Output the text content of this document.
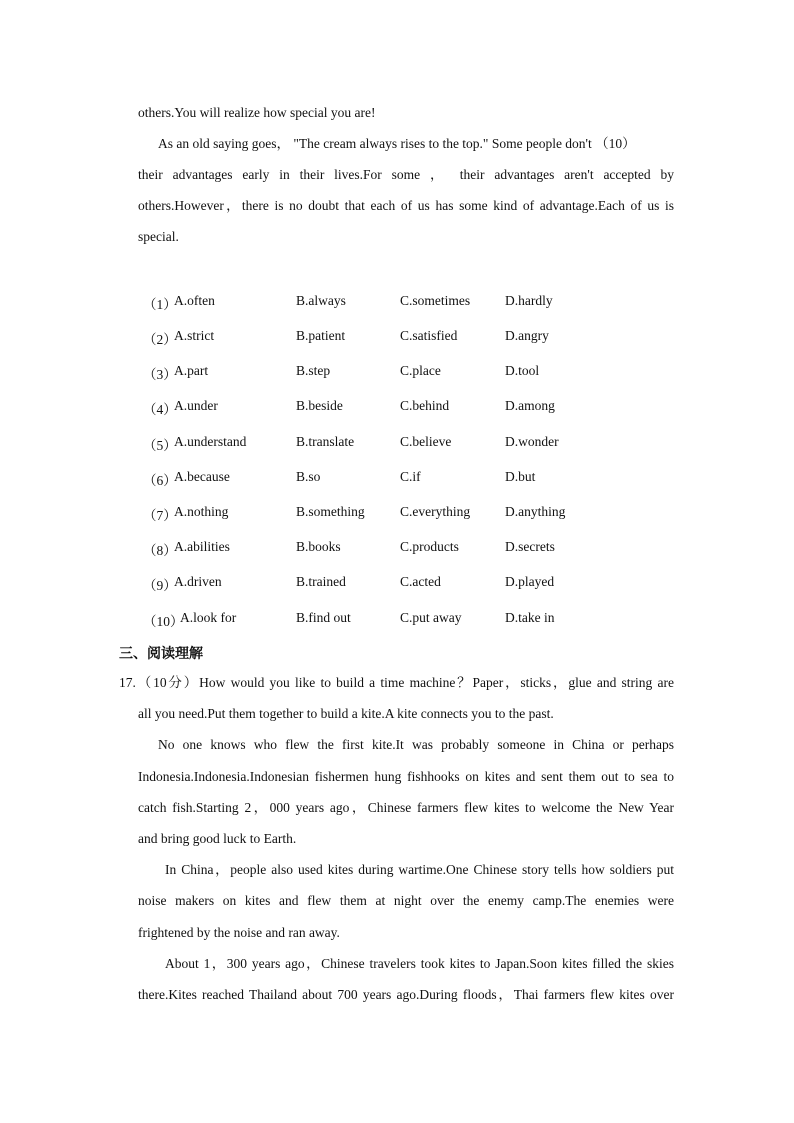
others.You will realize how special you are!
As an old saying goes， "The cream always rises to the top." Some people don't （10）
their advantages early in their lives.For some ， their advantages aren't accepted by
others.However，there is no doubt that each of us has some kind of advantage.Each of us is
special.
（1）
A.often	B.always	C.sometimes	D.hardly
（2）
A.strict	B.patient	C.satisfied	D.angry
（3）
A.part	B.step	C.place	D.tool
（4）
A.under	B.beside	C.behind	D.among
（5）
A.understand	B.translate	C.believe	D.wonder
（6）
A.because	B.so	C.if	D.but
（7）
A.nothing	B.something	C.everything	D.anything
（8）
A.abilities	B.books	C.products	D.secrets
（9）
A.driven	B.trained	C.acted	D.played
（10）
A.look for	B.find out	C.put away	D.take in
三、阅读理解
17.（10分）How would you like to build a time machine？Paper，sticks，glue and string are
all you need.Put them together to build a kite.A kite connects you to the past.
No one knows who flew the first kite.It was probably someone in China or perhaps
Indonesia.Indonesia.Indonesian fishermen hung fishhooks on kites and sent them out to sea to
catch fish.Starting 2，000 years ago，Chinese farmers flew kites to welcome the New Year
and bring good luck to Earth.
In China，people also used kites during wartime.One Chinese story tells how soldiers put
noise makers on kites and flew them at night over the enemy camp.The enemies were
frightened by the noise and ran away.
About 1，300 years ago，Chinese travelers took kites to Japan.Soon kites filled the skies
there.Kites reached Thailand about 700 years ago.During floods，Thai farmers flew kites over
